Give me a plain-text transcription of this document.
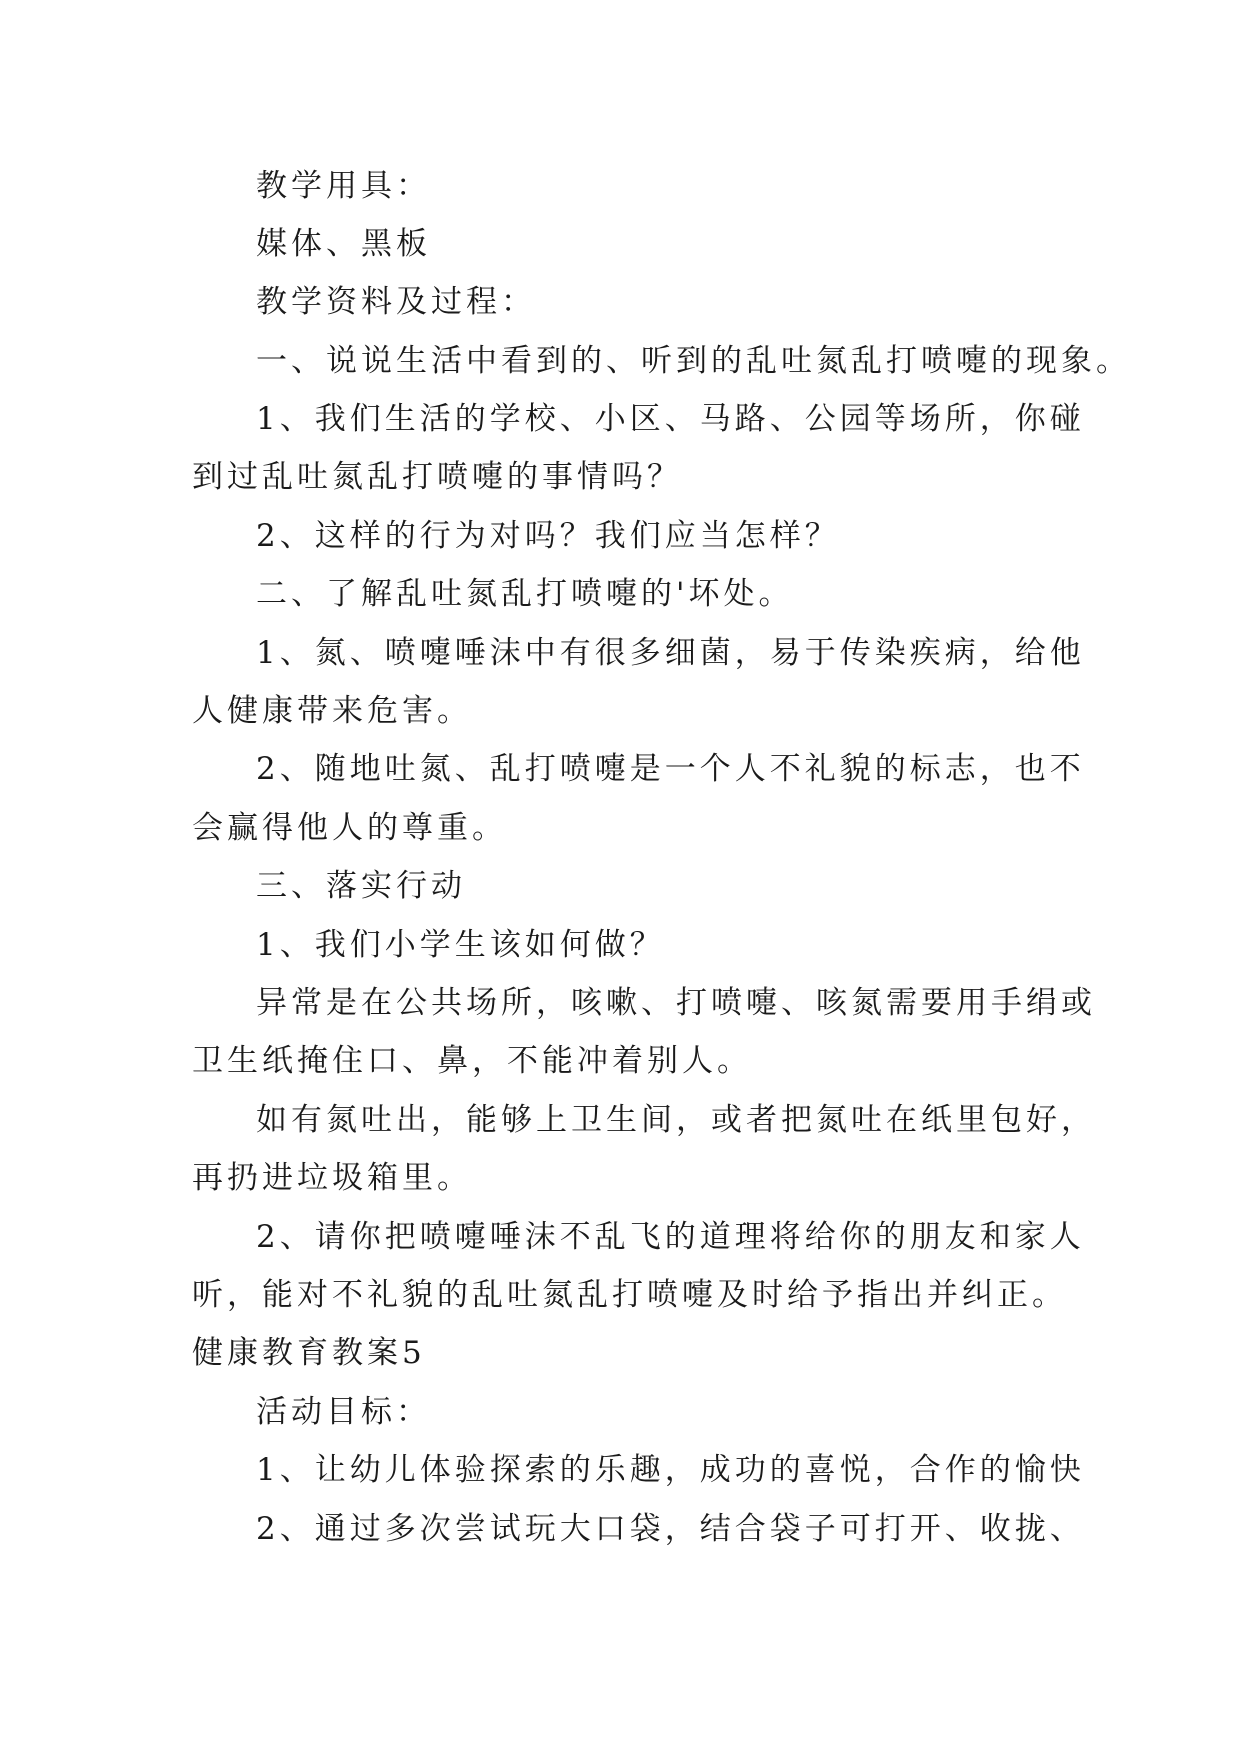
教学用具：
媒体、黑板
教学资料及过程：
一、说说生活中看到的、听到的乱吐氮乱打喷嚏的现象。
1、我们生活的学校、小区、马路、公园等场所，你碰
到过乱吐氮乱打喷嚏的事情吗？
2、这样的行为对吗？我们应当怎样？
二、了解乱吐氮乱打喷嚏的'坏处。
1、氮、喷嚏唾沫中有很多细菌，易于传染疾病，给他
人健康带来危害。
2、随地吐氮、乱打喷嚏是一个人不礼貌的标志，也不
会赢得他人的尊重。
三、落实行动
1、我们小学生该如何做？
异常是在公共场所，咳嗽、打喷嚏、咳氮需要用手绢或
卫生纸掩住口、鼻，不能冲着别人。
如有氮吐出，能够上卫生间，或者把氮吐在纸里包好，
再扔进垃圾箱里。
2、请你把喷嚏唾沫不乱飞的道理将给你的朋友和家人
听，能对不礼貌的乱吐氮乱打喷嚏及时给予指出并纠正。
健康教育教案5
活动目标：
1、让幼儿体验探索的乐趣，成功的喜悦，合作的愉快
2、通过多次尝试玩大口袋，结合袋子可打开、收拢、
